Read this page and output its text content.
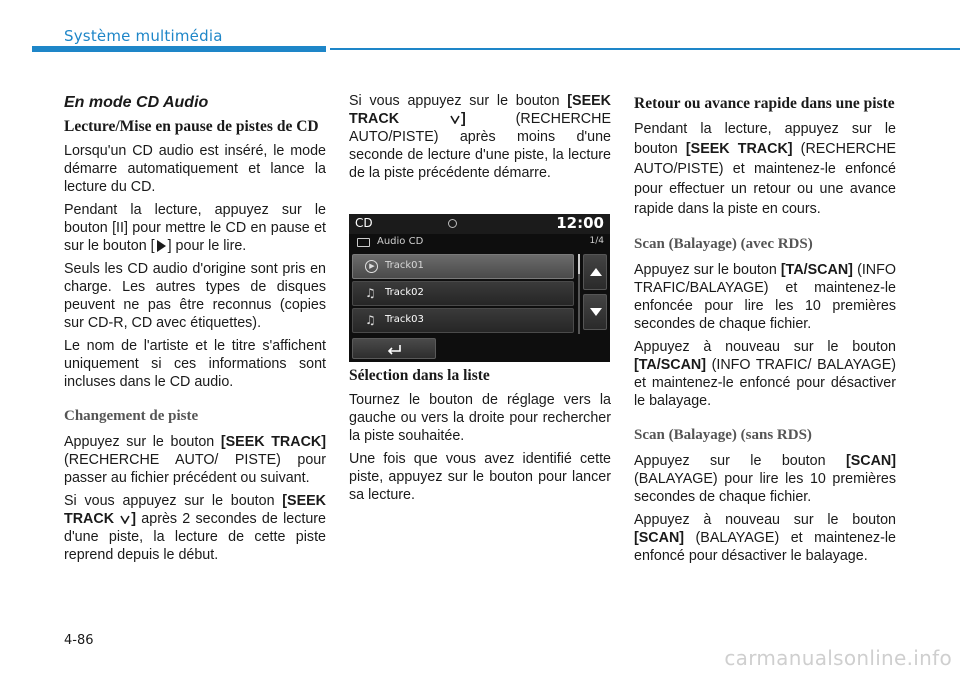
Système multimédia
En mode CD Audio
Lecture/Mise en pause de pistes de CD

Lorsqu'un CD audio est inséré, le mode démarre automatiquement et lance la lecture du CD.

Pendant la lecture, appuyez sur le bouton [II] pour mettre le CD en pause et sur le bouton [ ] pour le lire.

Seuls les CD audio d'origine sont pris en charge. Les autres types de disques peuvent ne pas être reconnus (copies sur CD-R, CD avec étiquettes).

Le nom de l'artiste et le titre s'affichent uniquement si ces informations sont incluses dans le CD audio.

Changement de piste

Appuyez sur le bouton [SEEK TRACK] (RECHERCHE AUTO/ PISTE) pour passer au fichier précédent ou suivant.

Si vous appuyez sur le bouton [SEEK TRACK ] après 2 secondes de lecture d'une piste, la lecture de cette piste reprend depuis le début.

Si vous appuyez sur le bouton [SEEK TRACK ] (RECHERCHE AUTO/PISTE) après moins d'une seconde de lecture d'une piste, la lecture de la piste précédente démarre.

CD	12:00
Audio CD	1/4
▶	Track01
♫ Track02
♫ Track03
Sélection dans la liste

Tournez le bouton de réglage vers la gauche ou vers la droite pour rechercher la piste souhaitée.

Une fois que vous avez identifié cette piste, appuyez sur le bouton pour lancer sa lecture.

Retour ou avance rapide dans une piste

Pendant la lecture, appuyez sur le bouton [SEEK TRACK] (RECHERCHE AUTO/PISTE) et maintenez-le enfoncé pour effectuer un retour ou une avance rapide dans la piste en cours.

Scan (Balayage) (avec RDS)

Appuyez sur le bouton [TA/SCAN] (INFO TRAFIC/BALAYAGE) et maintenez-le enfoncée pour lire les 10 premières secondes de chaque fichier.

Appuyez à nouveau sur le bouton [TA/SCAN] (INFO TRAFIC/ BALAYAGE) et maintenez-le enfoncé pour désactiver le balayage.

Scan (Balayage) (sans RDS)

Appuyez sur le bouton [SCAN] (BALAYAGE) pour lire les 10 premières secondes de chaque fichier.

Appuyez à nouveau sur le bouton [SCAN] (BALAYAGE) et maintenez-le enfoncé pour désactiver le balayage.

4-86
carmanualsonline.info
